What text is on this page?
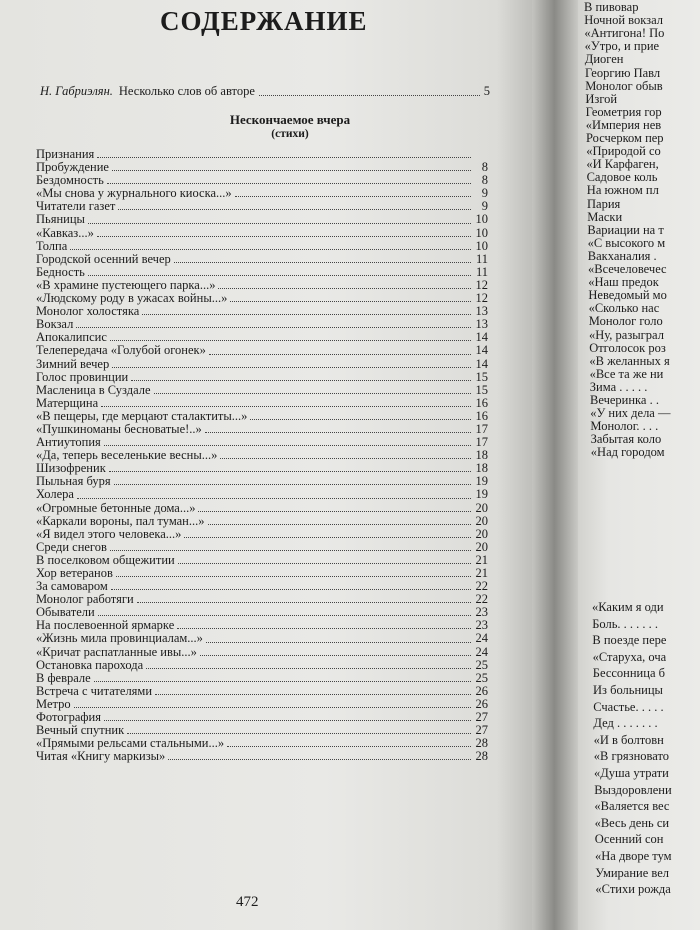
СОДЕРЖАНИЕ
Н. Габриэлян. Несколько слов об авторе	5
Нескончаемое вчера
(стихи)
Признания
Пробуждение	8
Бездомность	8
«Мы снова у журнального киоска...»	9
Читатели газет	9
Пьяницы	10
«Кавказ...»	10
Толпа	10
Городской осенний вечер	11
Бедность	11
«В храмине пустеющего парка...»	12
«Людскому роду в ужасах войны...»	12
Монолог холостяка	13
Вокзал	13
Апокалипсис	14
Телепередача «Голубой огонек»	14
Зимний вечер	14
Голос провинции	15
Масленица в Суздале	15
Матерщина	16
«В пещеры, где мерцают сталактиты...»	16
«Пушкиноманы бесноватые!..»	17
Антиутопия	17
«Да, теперь веселенькие весны...»	18
Шизофреник	18
Пыльная буря	19
Холера	19
«Огромные бетонные дома...»	20
«Каркали вороны, пал туман...»	20
«Я видел этого человека...»	20
Среди снегов	20
В поселковом общежитии	21
Хор ветеранов	21
За самоваром	22
Монолог работяги	22
Обыватели	23
На послевоенной ярмарке	23
«Жизнь мила провинциалам...»	24
«Кричат распатланные ивы...»	24
Остановка парохода	25
В феврале	25
Встреча с читателями	26
Метро	26
Фотография	27
Вечный спутник	27
«Прямыми рельсами стальными...»	28
Читая «Книгу маркизы»	28
472
В пивовар
Ночной вокзал
«Антигона! По
«Утро, и прие
Диоген
Георгию Павл
Монолог обыв
Изгой
Геометрия гор
«Империя нев
Росчерком пер
«Природой со
«И Карфаген,
Садовое коль
На южном пл
Пария
Маски
Вариации на т
«С высокого м
Вакханалия .
«Всечеловечес
«Наш предок
Неведомый мо
«Сколько нас
Монолог голо
«Ну, разыграл
Отголосок роз
«В желанных я
«Все та же ни
Зима . . . . .
Вечеринка . .
«У них дела —
Монолог. . . .
Забытая коло
«Над городом
«Каким я оди
Боль. . . . . . .
В поезде пере
«Старуха, оча
Бессонница б
Из больницы
Счастье. . . . .
Дед . . . . . . .
«И в болтовн
«В грязновато
«Душа утрати
Выздоровлени
«Валяется вес
«Весь день си
Осенний сон
«На дворе тум
Умирание вел
«Стихи рожда
